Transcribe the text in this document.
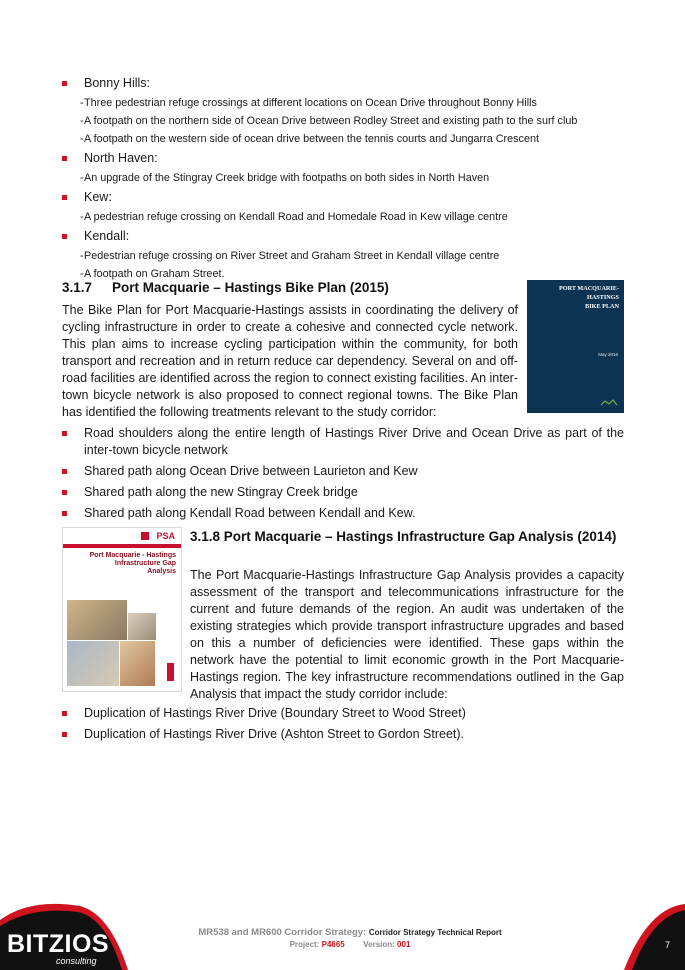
Bonny Hills:
- Three pedestrian refuge crossings at different locations on Ocean Drive throughout Bonny Hills
- A footpath on the northern side of Ocean Drive between Rodley Street and existing path to the surf club
- A footpath on the western side of ocean drive between the tennis courts and Jungarra Crescent
North Haven:
- An upgrade of the Stingray Creek bridge with footpaths on both sides in North Haven
Kew:
- A pedestrian refuge crossing on Kendall Road and Homedale Road in Kew village centre
Kendall:
- Pedestrian refuge crossing on River Street and Graham Street in Kendall village centre
- A footpath on Graham Street.
3.1.7 Port Macquarie – Hastings Bike Plan (2015)

The Bike Plan for Port Macquarie-Hastings assists in coordinating the delivery of cycling infrastructure in order to create a cohesive and connected cycle network. This plan aims to increase cycling participation within the community, for both transport and recreation and in return reduce car dependency. Several on and off-road facilities are identified across the region to connect existing facilities. An inter-town bicycle network is also proposed to connect regional towns. The Bike Plan has identified the following treatments relevant to the study corridor:

PORT MACQUARIE-HASTINGS
BIKE PLAN
May 2016
Road shoulders along the entire length of Hastings River Drive and Ocean Drive as part of the inter-town bicycle network
Shared path along Ocean Drive between Laurieton and Kew
Shared path along the new Stingray Creek bridge
Shared path along Kendall Road between Kendall and Kew.
PSA
Port Macquarie - Hastings
Infrastructure Gap
Analysis
3.1.8 Port Macquarie – Hastings Infrastructure Gap Analysis (2014)

The Port Macquarie-Hastings Infrastructure Gap Analysis provides a capacity assessment of the transport and telecommunications infrastructure for the current and future demands of the region. An audit was undertaken of the existing strategies which provide transport infrastructure upgrades and based on this a number of deficiencies were identified. These gaps within the network have the potential to limit economic growth in the Port Macquarie-Hastings region. The key infrastructure recommendations outlined in the Gap Analysis that impact the study corridor include:

Duplication of Hastings River Drive (Boundary Street to Wood Street)
Duplication of Hastings River Drive (Ashton Street to Gordon Street).
BITZIOS
consulting
MR538 and MR600 Corridor Strategy: Corridor Strategy Technical Report
Project: P4665 Version: 001	7
